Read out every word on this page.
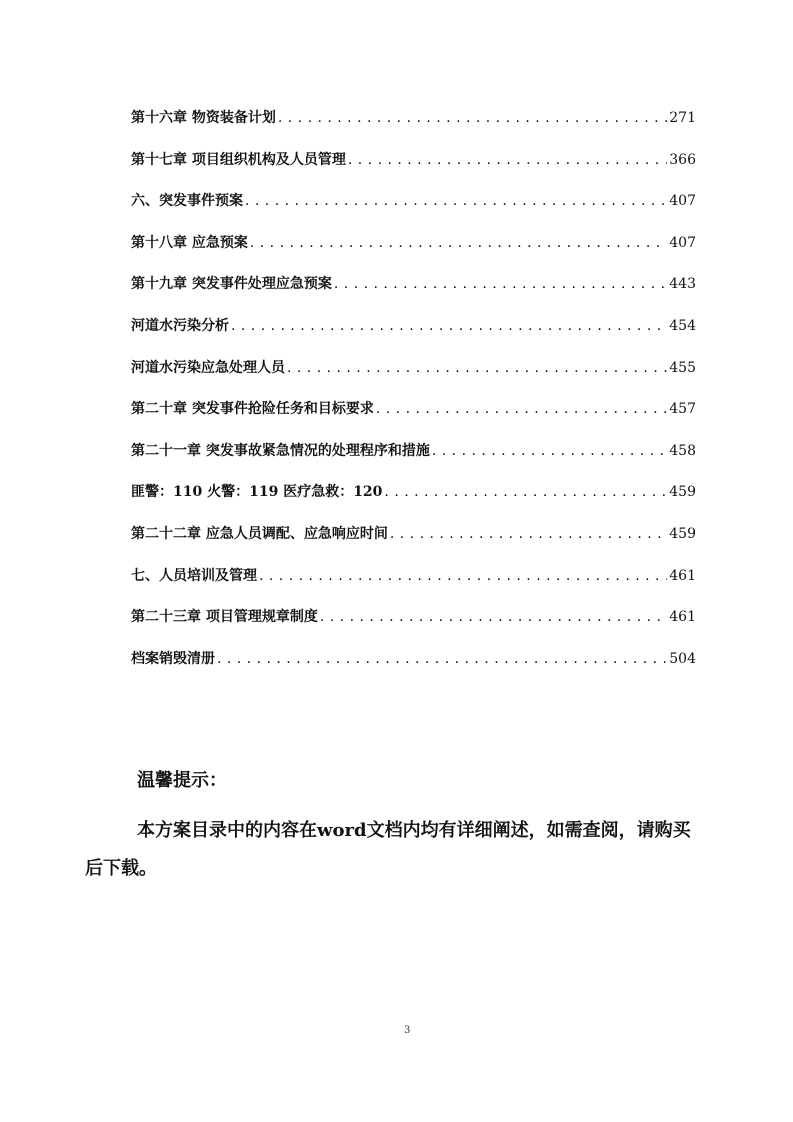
第十六章 物资装备计划 . . .	271
第十七章 项目组织机构及人员管理 . . .	366
六、突发事件预案 . . .	407
第十八章 应急预案 . . .	407
第十九章 突发事件处理应急预案 . . .	443
河道水污染分析 . . .	454
河道水污染应急处理人员 . . .	455
第二十章 突发事件抢险任务和目标要求 . . .	457
第二十一章 突发事故紧急情况的处理程序和措施 . . .	458
匪警：110 火警：119 医疗急救：120 . . .	459
第二十二章 应急人员调配、应急响应时间 . . .	459
七、人员培训及管理 . . .	461
第二十三章 项目管理规章制度 . . .	461
档案销毁清册 . . .	504
温馨提示：
本方案目录中的内容在word文档内均有详细阐述，如需查阅，请购买后下载。
3
